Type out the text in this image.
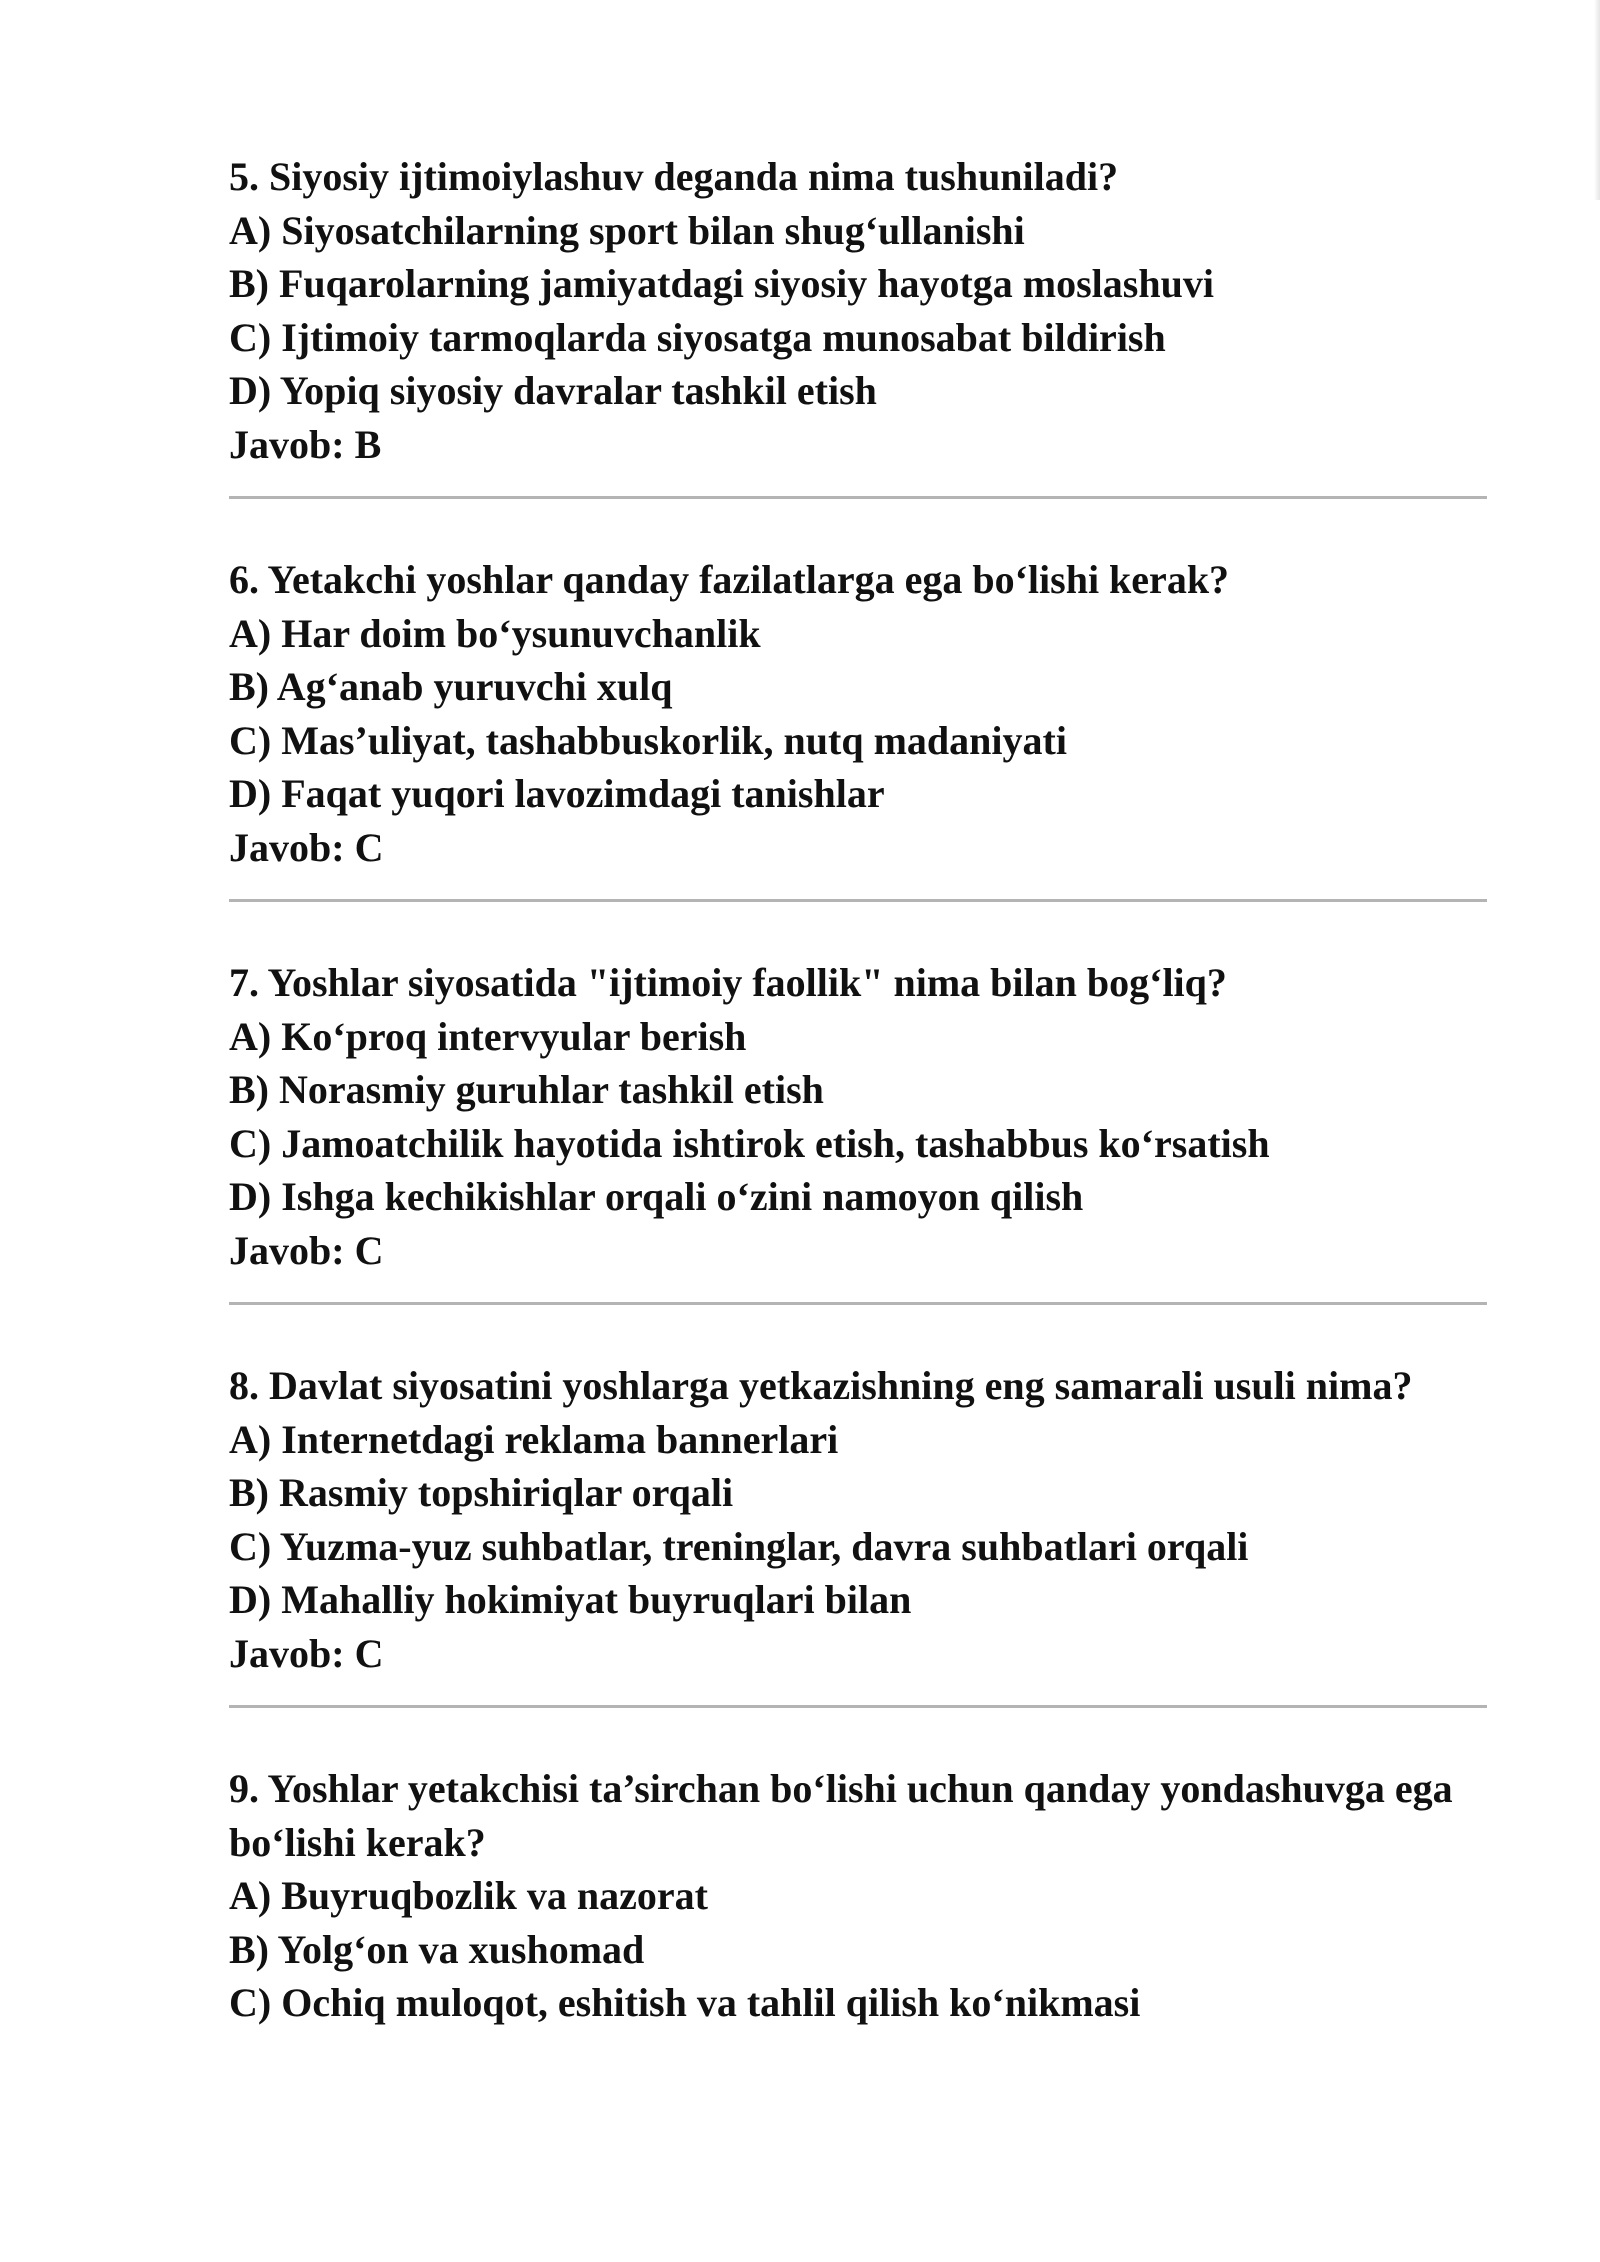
5. Siyosiy ijtimoiylashuv deganda nima tushuniladi?
A) Siyosatchilarning sport bilan shug‘ullanishi
B) Fuqarolarning jamiyatdagi siyosiy hayotga moslashuvi
C) Ijtimoiy tarmoqlarda siyosatga munosabat bildirish
D) Yopiq siyosiy davralar tashkil etish
Javob: B
6. Yetakchi yoshlar qanday fazilatlarga ega bo‘lishi kerak?
A) Har doim bo‘ysunuvchanlik
B) Ag‘anab yuruvchi xulq
C) Mas’uliyat, tashabbuskorlik, nutq madaniyati
D) Faqat yuqori lavozimdagi tanishlar
Javob: C
7. Yoshlar siyosatida "ijtimoiy faollik" nima bilan bog‘liq?
A) Ko‘proq intervyular berish
B) Norasmiy guruhlar tashkil etish
C) Jamoatchilik hayotida ishtirok etish, tashabbus ko‘rsatish
D) Ishga kechikishlar orqali o‘zini namoyon qilish
Javob: C
8. Davlat siyosatini yoshlarga yetkazishning eng samarali usuli nima?
A) Internetdagi reklama bannerlari
B) Rasmiy topshiriqlar orqali
C) Yuzma-yuz suhbatlar, treninglar, davra suhbatlari orqali
D) Mahalliy hokimiyat buyruqlari bilan
Javob: C
9. Yoshlar yetakchisi ta’sirchan bo‘lishi uchun qanday yondashuvga ega bo‘lishi kerak?
A) Buyruqbozlik va nazorat
B) Yolg‘on va xushomad
C) Ochiq muloqot, eshitish va tahlil qilish ko‘nikmasi
